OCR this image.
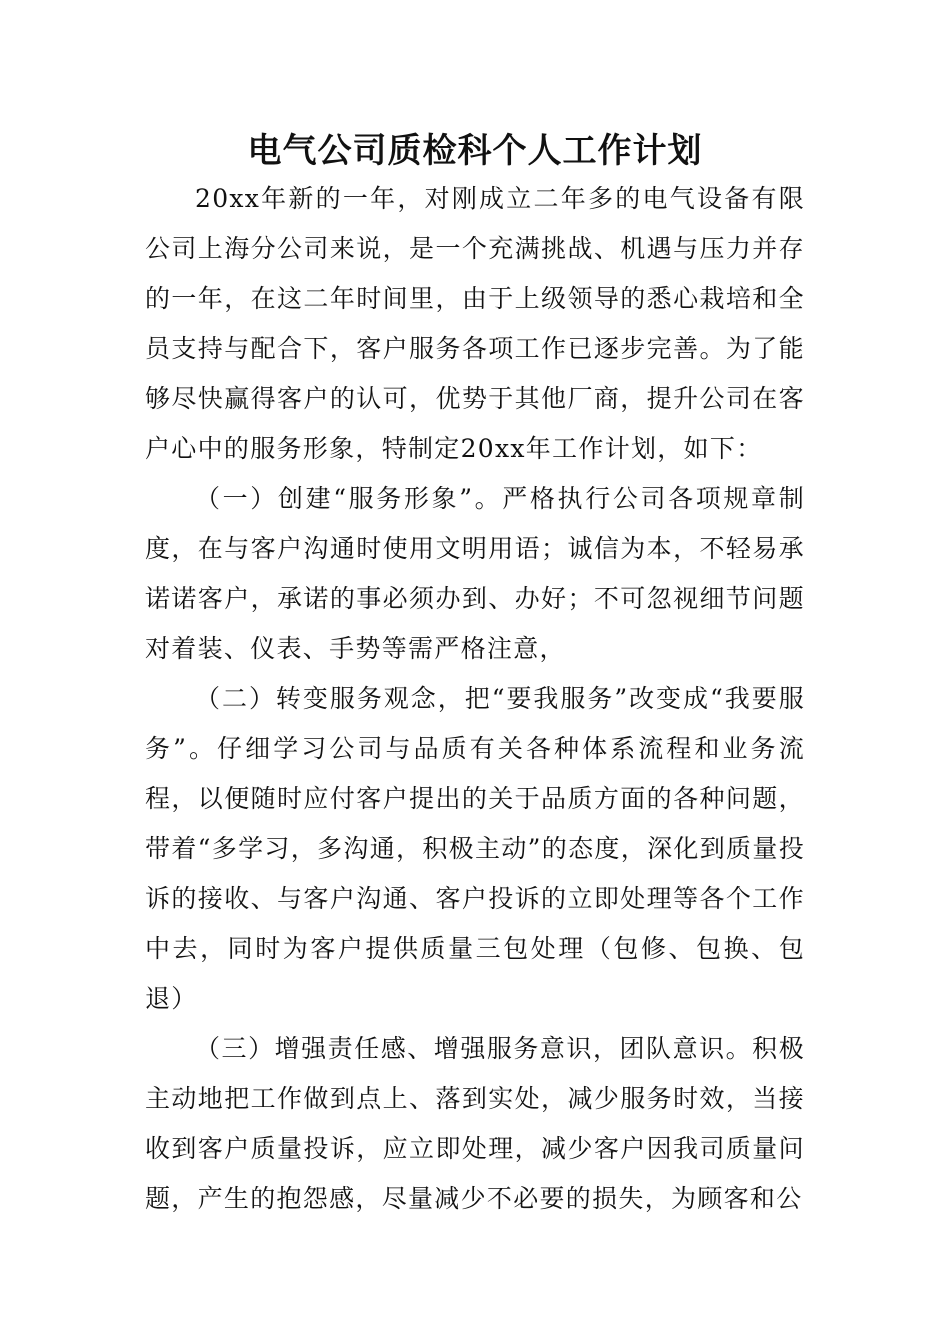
电气公司质检科个人工作计划

20xx年新的一年，对刚成立二年多的电气设备有限公司上海分公司来说，是一个充满挑战、机遇与压力并存的一年，在这二年时间里，由于上级领导的悉心栽培和全员支持与配合下，客户服务各项工作已逐步完善。为了能够尽快赢得客户的认可，优势于其他厂商，提升公司在客户心中的服务形象，特制定20xx年工作计划，如下：

（一）创建“服务形象”。严格执行公司各项规章制度，在与客户沟通时使用文明用语；诚信为本，不轻易承诺诺客户，承诺的事必须办到、办好；不可忽视细节问题对着装、仪表、手势等需严格注意，

（二）转变服务观念，把“要我服务”改变成“我要服务”。仔细学习公司与品质有关各种体系流程和业务流程，以便随时应付客户提出的关于品质方面的各种问题，带着“多学习，多沟通，积极主动”的态度，深化到质量投诉的接收、与客户沟通、客户投诉的立即处理等各个工作中去，同时为客户提供质量三包处理（包修、包换、包退）

（三）增强责任感、增强服务意识，团队意识。积极主动地把工作做到点上、落到实处，减少服务时效，当接收到客户质量投诉，应立即处理，减少客户因我司质量问题，产生的抱怨感，尽量减少不必要的损失，为顾客和公
